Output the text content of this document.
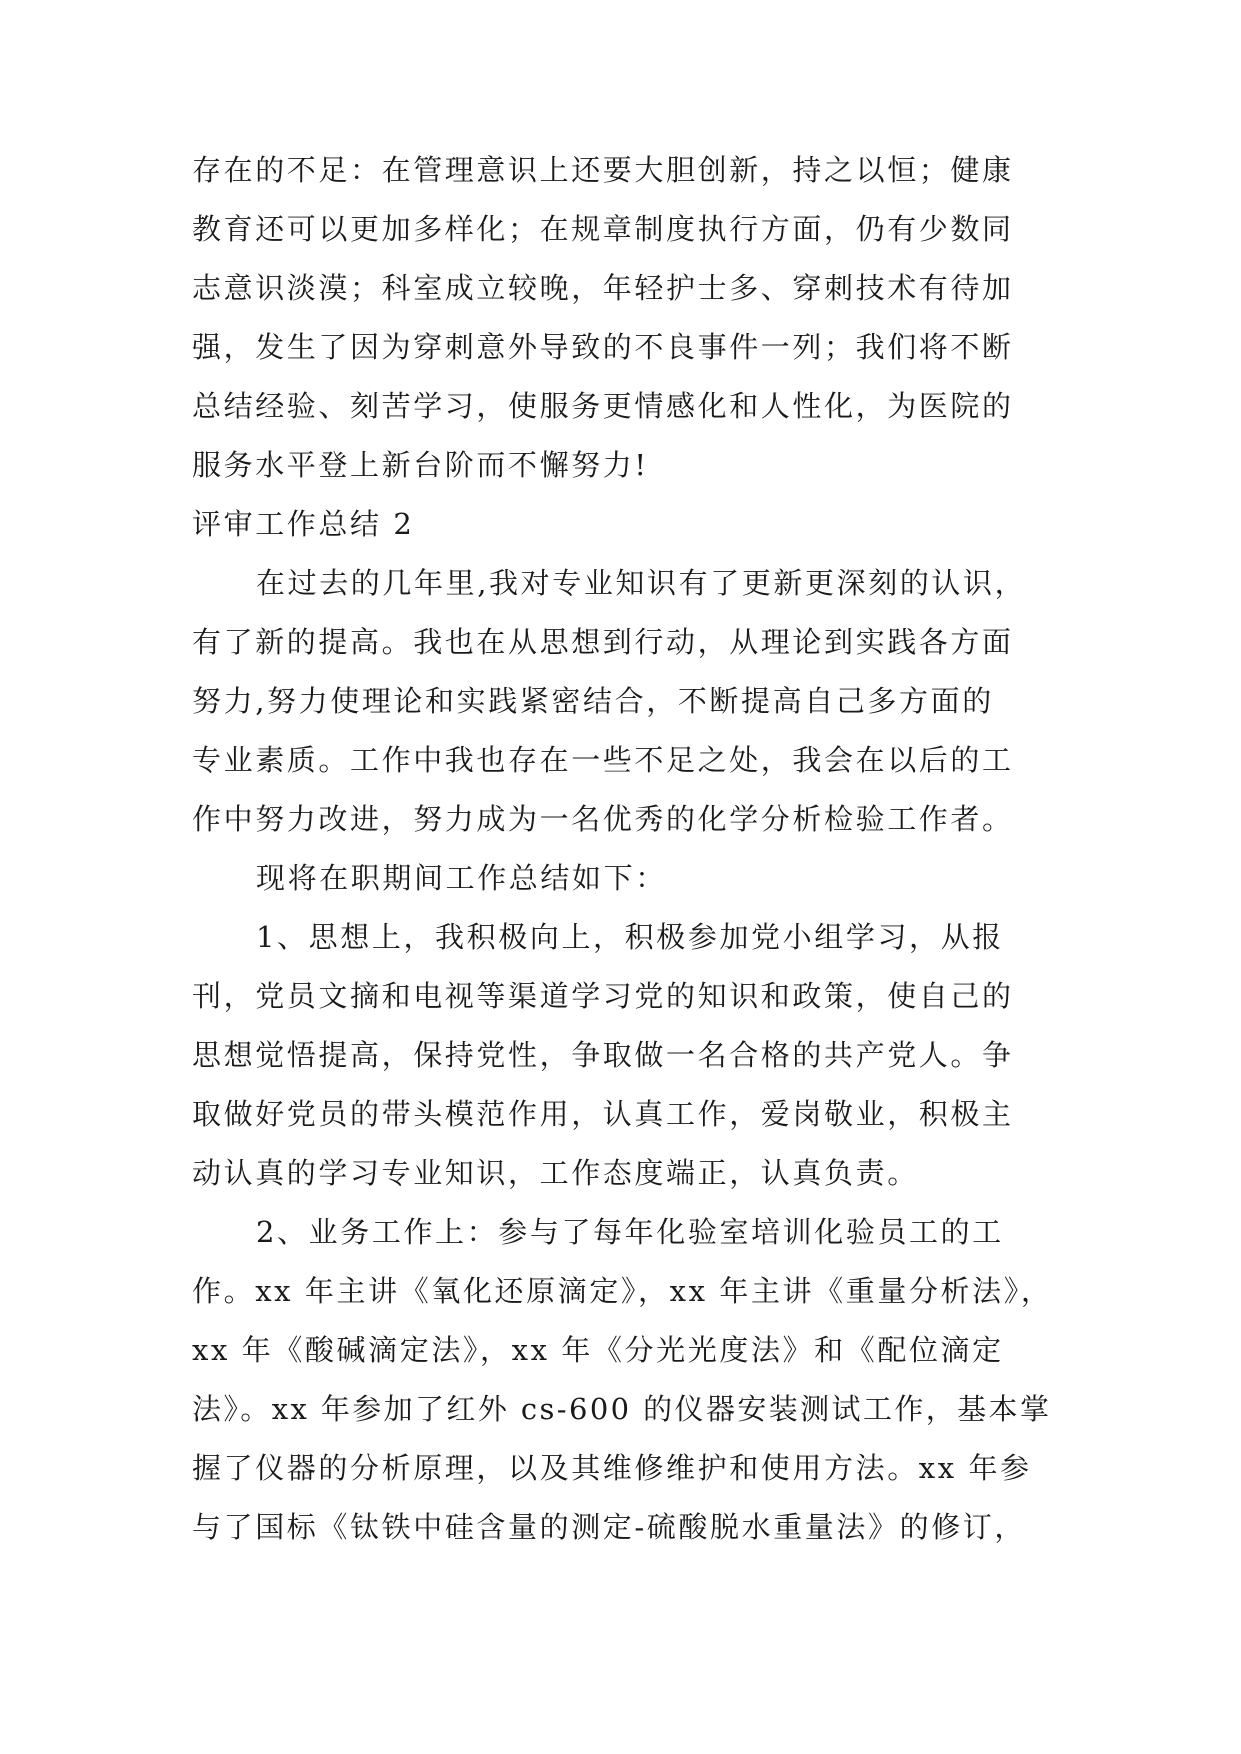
存在的不足：在管理意识上还要大胆创新，持之以恒；健康
教育还可以更加多样化；在规章制度执行方面，仍有少数同
志意识淡漠；科室成立较晚，年轻护士多、穿刺技术有待加
强，发生了因为穿刺意外导致的不良事件一列；我们将不断
总结经验、刻苦学习，使服务更情感化和人性化，为医院的
服务水平登上新台阶而不懈努力!
评审工作总结 2
在过去的几年里,我对专业知识有了更新更深刻的认识，
有了新的提高。我也在从思想到行动，从理论到实践各方面
努力,努力使理论和实践紧密结合，不断提高自己多方面的
专业素质。工作中我也存在一些不足之处，我会在以后的工
作中努力改进，努力成为一名优秀的化学分析检验工作者。
现将在职期间工作总结如下：
1、思想上，我积极向上，积极参加党小组学习，从报
刊，党员文摘和电视等渠道学习党的知识和政策，使自己的
思想觉悟提高，保持党性，争取做一名合格的共产党人。争
取做好党员的带头模范作用，认真工作，爱岗敬业，积极主
动认真的学习专业知识，工作态度端正，认真负责。
2、业务工作上：参与了每年化验室培训化验员工的工
作。xx 年主讲《氧化还原滴定》，xx 年主讲《重量分析法》，
xx 年《酸碱滴定法》，xx 年《分光光度法》和《配位滴定
法》。xx 年参加了红外 cs-600 的仪器安装测试工作，基本掌
握了仪器的分析原理，以及其维修维护和使用方法。xx 年参
与了国标《钛铁中硅含量的测定-硫酸脱水重量法》的修订，
